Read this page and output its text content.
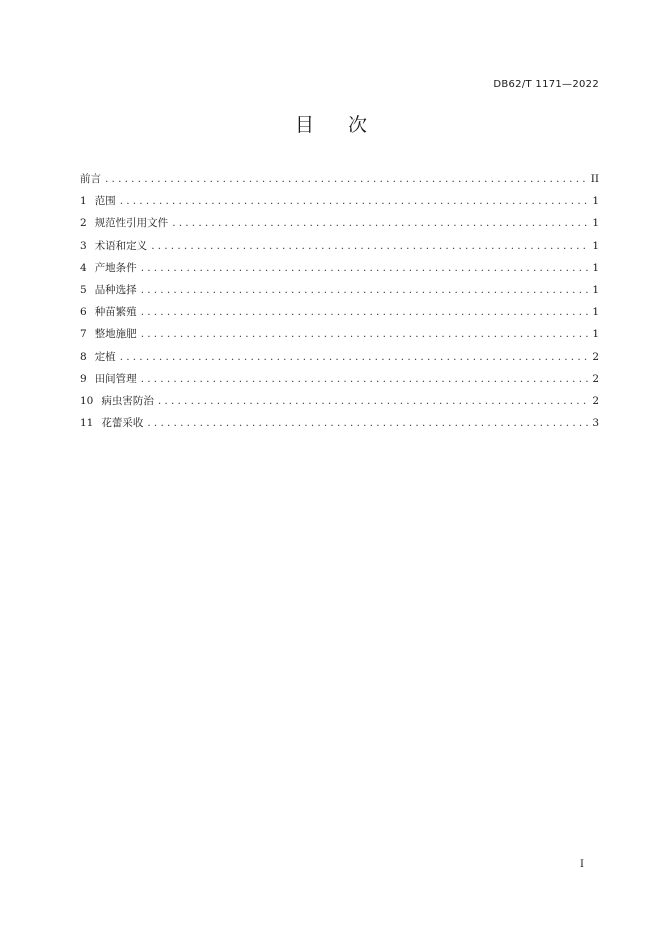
DB62/T 1171—2022
目次
前言 .....	II
1 范围 .....	1
2 规范性引用文件 .....	1
3 术语和定义 .....	1
4 产地条件 .....	1
5 品种选择 .....	1
6 种苗繁殖 .....	1
7 整地施肥 .....	1
8 定植 .....	2
9 田间管理 .....	2
10 病虫害防治 .....	2
11 花蕾采收 .....	3
I
